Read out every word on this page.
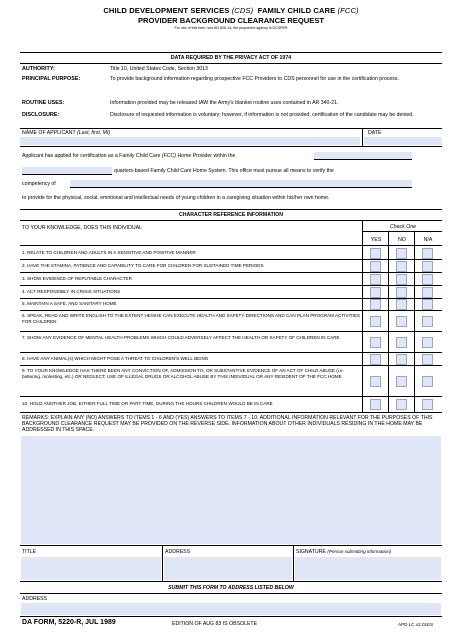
CHILD DEVELOPMENT SERVICES (CDS) FAMILY CHILD CARE (FCC)
PROVIDER BACKGROUND CLEARANCE REQUEST
For use of this form, see AR 608-10; the proponent agency is DCSPER
DATA REQUIRED BY THE PRIVACY ACT OF 1974
AUTHORITY:	Title 10, United States Code, Section 3013
PRINCIPAL PURPOSE:	To provide background information regarding prospective FCC Providers to CDS personnel for use in the certification process.
ROUTINE USES:	Information provided may be released IAW the Army's blanket routine uses contained in AR 340-21.
DISCLOSURE:	Disclosure of requested information is voluntary; however, if information is not provided, certification of the candidate may be denied.
NAME OF APPLICANT (Last, first, MI)	DATE
Applicant has applied for certification as a Family Child Care (FCC) Home Provider within the
quarters-based Family Child Care Home System. This office must pursue all means to verify the
competency of
to provide for the physical, social, emotional and intellectual needs of young children in a caregiving situation within his/her own home.
CHARACTER REFERENCE INFORMATION
TO YOUR KNOWLEDGE, DOES THIS INDIVIDUAL	Check One
YES	NO	N/A
1. RELATE TO CHILDREN AND ADULTS IN A SENSITIVE AND POSITIVE MANNER
2. HAVE THE STAMINA, PATIENCE AND CAPABILITY TO CARE FOR CHILDREN FOR SUSTAINED TIME PERIODS
3. SHOW EVIDENCE OF REPUTABLE CHARACTER
4. ACT RESPONSIBLY IN CRISIS SITUATIONS
5. MAINTAIN A SAFE, AND SANITARY HOME
6. SPEAK, READ AND WRITE ENGLISH TO THE EXTENT HE/SHE CAN EXECUTE HEALTH AND SAFETY DIRECTIONS AND CAN PLAN PROGRAM ACTIVITIES FOR CHILDREN
7. SHOW ANY EVIDENCE OF MENTAL HEALTH PROBLEMS WHICH COULD ADVERSELY AFFECT THE HEALTH OR SAFETY OF CHILDREN IN CARE
8. HAVE ANY ANIMAL(s) WHICH MIGHT POSE A THREAT TO CHILDREN'S WELL BEING
9. TO YOUR KNOWLEDGE HAS THERE BEEN ANY CONVICTION OF, ADMISSION TO, OR SUBSTANTIVE EVIDENCE OF AN ACT OF CHILD ABUSE (i.e. battering, molesting, etc.) OR NEGLECT; USE OF ILLEGAL DRUGS OR ALCOHOL ABUSE BY THIS INDIVIDUAL OR ANY RESIDENT OF THE FCC HOME
10. HOLD ANOTHER JOB, EITHER FULL TIME OR PART TIME, DURING THE HOURS CHILDREN WOULD BE IN CARE
REMARKS: EXPLAIN ANY (NO) ANSWERS TO ITEMS 1 - 6 AND (YES) ANSWERS TO ITEMS 7 - 10. ADDITIONAL INFORMATION RELEVANT FOR THE PURPOSES OF THIS BACKGROUND CLEARANCE REQUEST MAY BE PROVIDED ON THE REVERSE SIDE. INFORMATION ABOUT OTHER INDIVIDUALS RESIDING IN THE HOME MAY BE ADDRESSED IN THIS SPACE.
TITLE	ADDRESS	SIGNATURE (Person submitting information)
SUBMIT THIS FORM TO ADDRESS LISTED BELOW
ADDRESS
DA FORM, 5220-R, JUL 1989	EDITION OF AUG 83 IS OBSOLETE	APD LC v2.01ES
